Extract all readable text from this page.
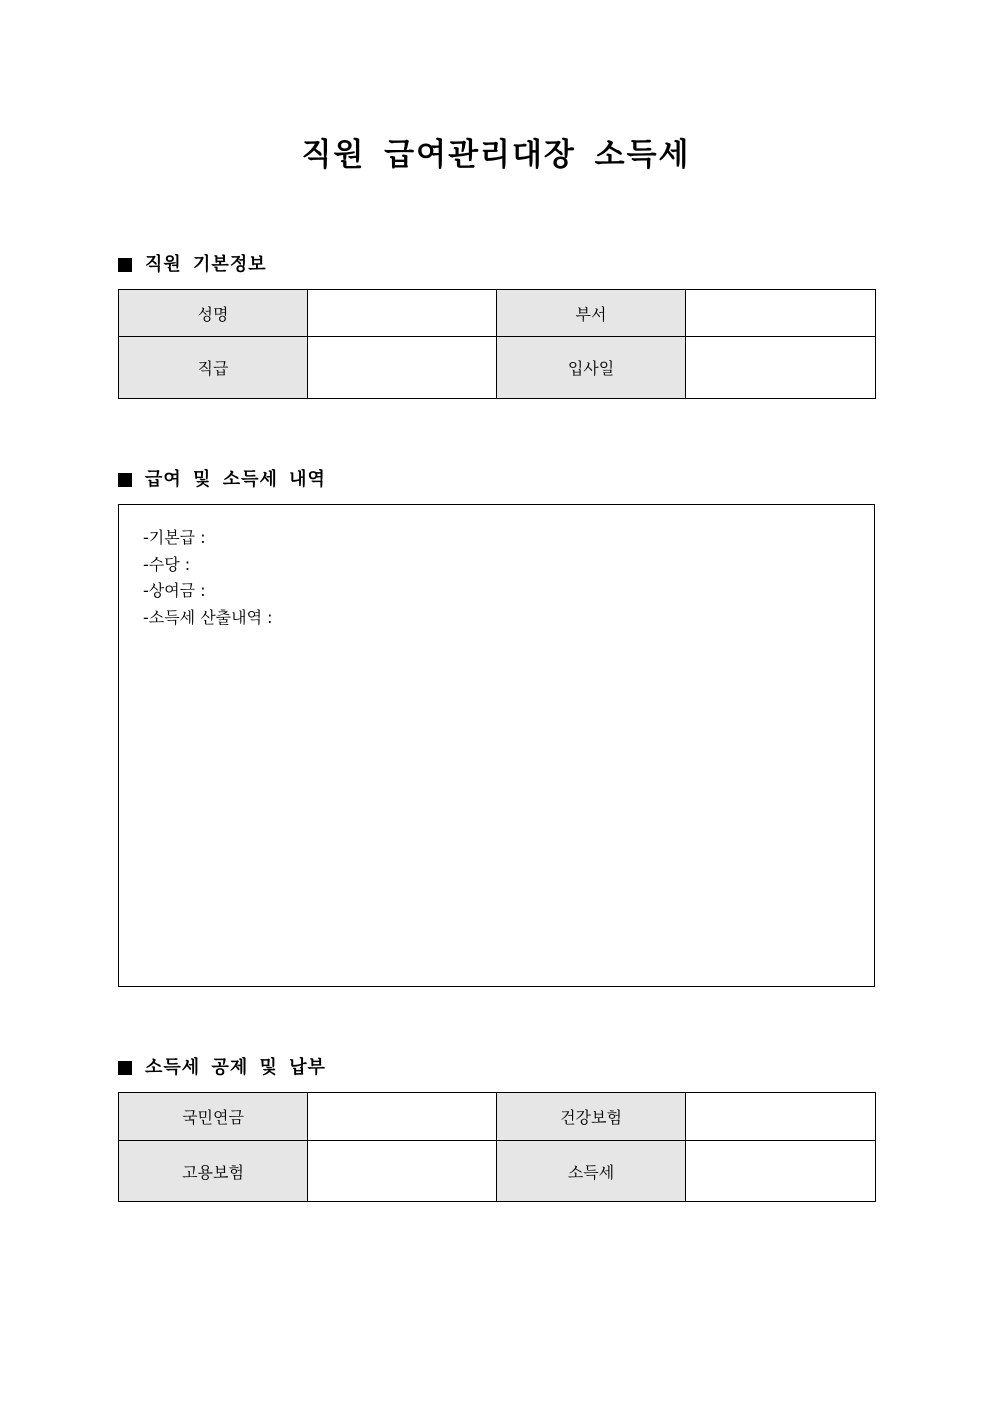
직원 급여관리대장 소득세
직원 기본정보
성명		부서	
직급		입사일	
급여 및 소득세 내역
-기본급 :
-수당 :
-상여금 :
-소득세 산출내역 :
소득세 공제 및 납부
국민연금		건강보험	
고용보험		소득세	
